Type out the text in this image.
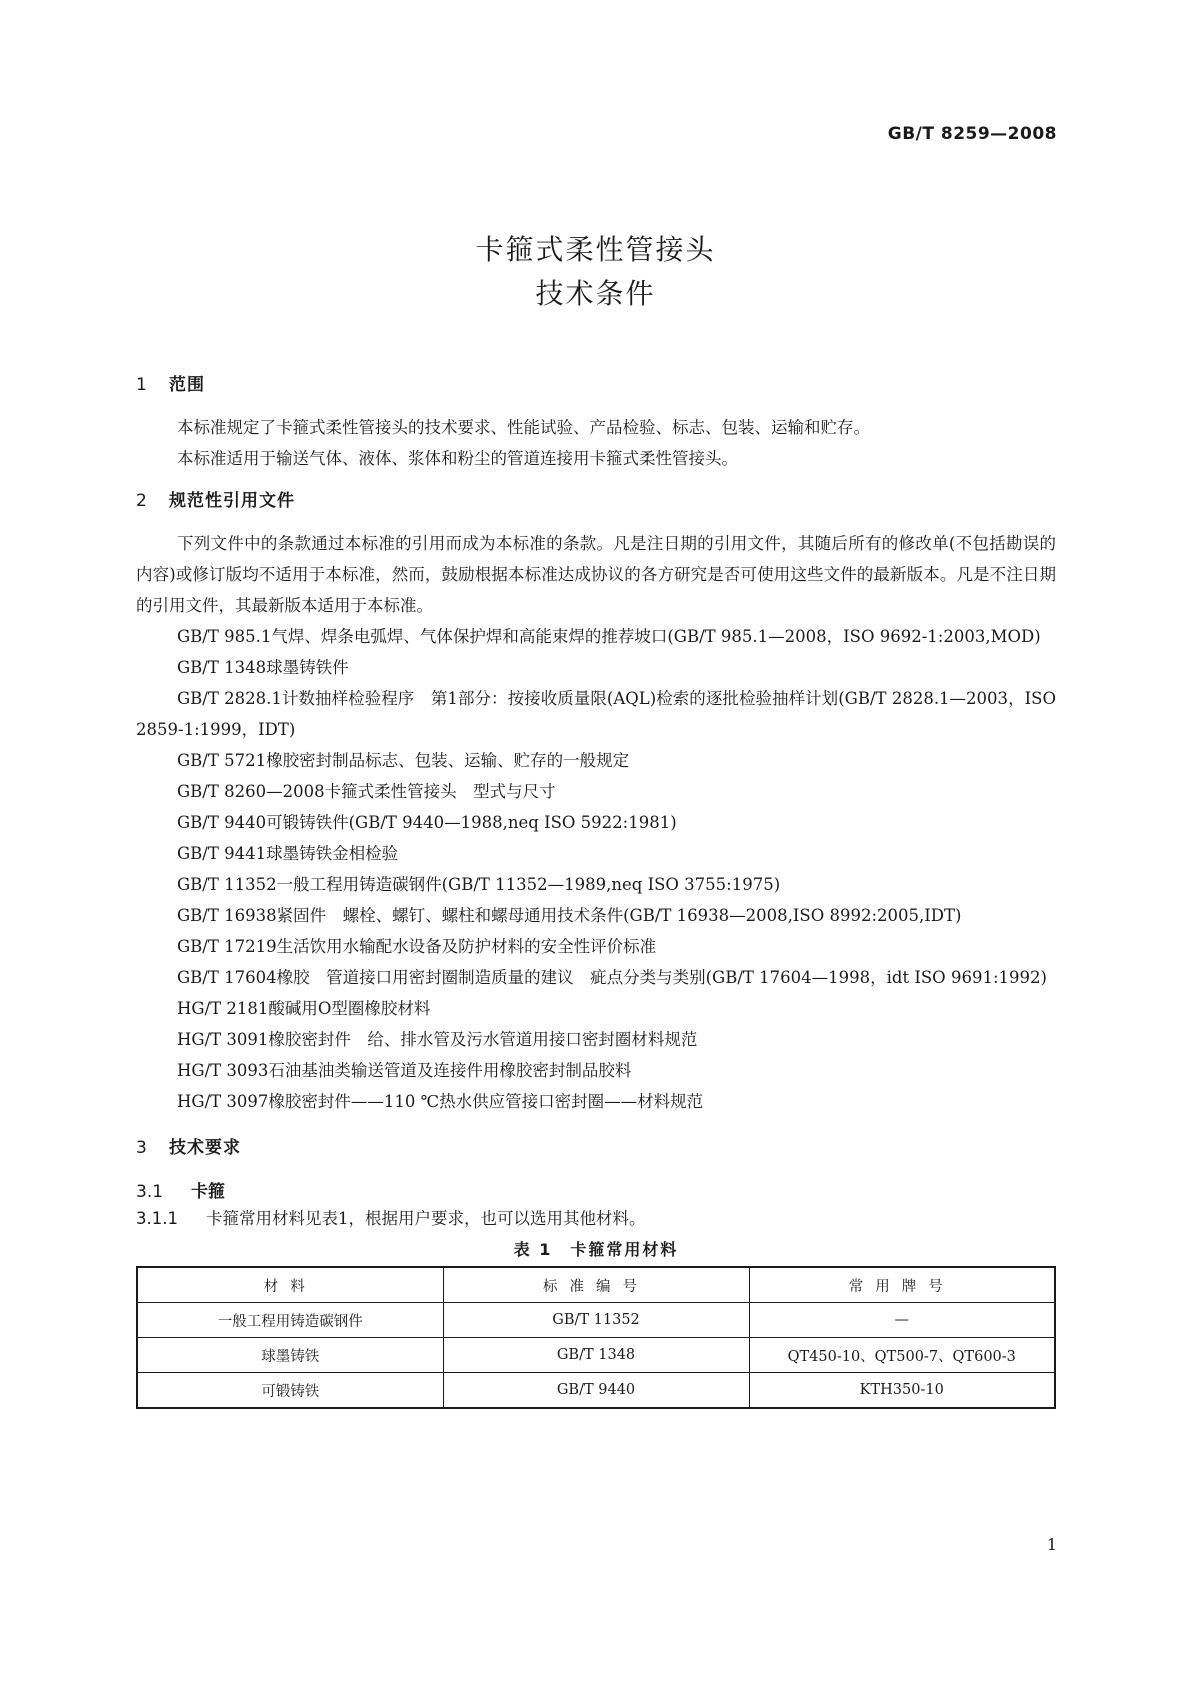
GB/T 8259—2008
卡箍式柔性管接头
技术条件
1 范围

本标准规定了卡箍式柔性管接头的技术要求、性能试验、产品检验、标志、包装、运输和贮存。

本标准适用于输送气体、液体、浆体和粉尘的管道连接用卡箍式柔性管接头。

2 规范性引用文件

下列文件中的条款通过本标准的引用而成为本标准的条款。凡是注日期的引用文件，其随后所有的修改单(不包括勘误的内容)或修订版均不适用于本标准，然而，鼓励根据本标准达成协议的各方研究是否可使用这些文件的最新版本。凡是不注日期的引用文件，其最新版本适用于本标准。

GB/T 985.1气焊、焊条电弧焊、气体保护焊和高能束焊的推荐坡口(GB/T 985.1—2008，ISO 9692-1:2003,MOD)

GB/T 1348球墨铸铁件

GB/T 2828.1计数抽样检验程序　第1部分：按接收质量限(AQL)检索的逐批检验抽样计划(GB/T 2828.1—2003，ISO 2859-1:1999，IDT)

GB/T 5721橡胶密封制品标志、包装、运输、贮存的一般规定

GB/T 8260—2008卡箍式柔性管接头　型式与尺寸

GB/T 9440可锻铸铁件(GB/T 9440—1988,neq ISO 5922:1981)

GB/T 9441球墨铸铁金相检验

GB/T 11352一般工程用铸造碳钢件(GB/T 11352—1989,neq ISO 3755:1975)

GB/T 16938紧固件　螺栓、螺钉、螺柱和螺母通用技术条件(GB/T 16938—2008,ISO 8992:2005,IDT)

GB/T 17219生活饮用水输配水设备及防护材料的安全性评价标准

GB/T 17604橡胶　管道接口用密封圈制造质量的建议　疵点分类与类别(GB/T 17604—1998，idt ISO 9691:1992)

HG/T 2181酸碱用O型圈橡胶材料

HG/T 3091橡胶密封件　给、排水管及污水管道用接口密封圈材料规范

HG/T 3093石油基油类输送管道及连接件用橡胶密封制品胶料

HG/T 3097橡胶密封件——110 ℃热水供应管接口密封圈——材料规范

3 技术要求
3.1 卡箍

3.1.1 卡箍常用材料见表1，根据用户要求，也可以选用其他材料。

表 1　卡箍常用材料
材料	标准编号	常用牌号
一般工程用铸造碳钢件	GB/T 11352	—
球墨铸铁	GB/T 1348	QT450-10、QT500-7、QT600-3
可锻铸铁	GB/T 9440	KTH350-10
1
